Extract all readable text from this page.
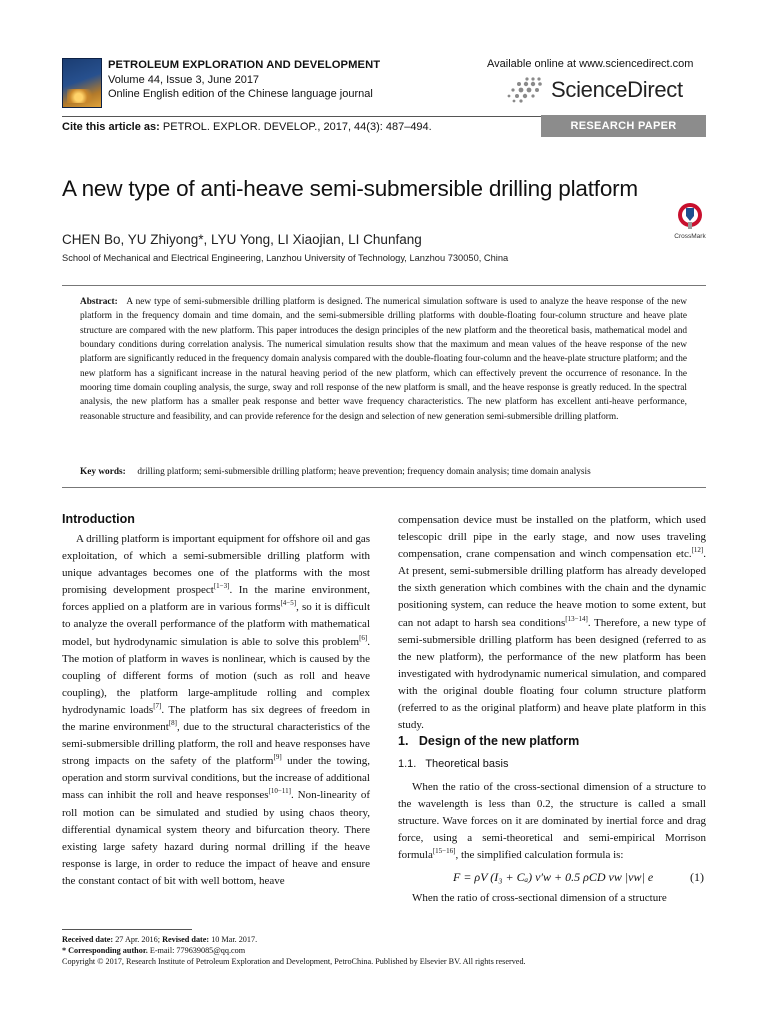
PETROLEUM EXPLORATION AND DEVELOPMENT
Volume 44, Issue 3, June 2017
Online English edition of the Chinese language journal
Available online at www.sciencedirect.com
ScienceDirect
Cite this article as: PETROL. EXPLOR. DEVELOP., 2017, 44(3): 487–494.	RESEARCH PAPER
A new type of anti-heave semi-submersible drilling platform
CrossMark
CHEN Bo, YU Zhiyong*, LYU Yong, LI Xiaojian, LI Chunfang
School of Mechanical and Electrical Engineering, Lanzhou University of Technology, Lanzhou 730050, China
Abstract: A new type of semi-submersible drilling platform is designed. The numerical simulation software is used to analyze the heave response of the new platform in the frequency domain and time domain, and the semi-submersible drilling platforms with double-floating four-column structure and heave plate structure are compared with the new platform. This paper introduces the design principles of the new platform and the theoretical basis, mathematical model and boundary conditions during correlation analysis. The numerical simulation results show that the maximum and mean values of the heave response of the new platform are significantly reduced in the frequency domain analysis compared with the double-floating four-column and the heave-plate structure platform; and the new platform has a significant increase in the natural heaving period of the new platform, which can effectively prevent the occurrence of resonance. In the mooring time domain coupling analysis, the surge, sway and roll response of the new platform is small, and the heave response is greatly reduced. In the spectral analysis, the new platform has a smaller peak response and better wave frequency characteristics. The new platform has excellent anti-heave performance, reasonable structure and feasibility, and can provide reference for the design and selection of new generation semi-submersible drilling platform.
Key words: drilling platform; semi-submersible drilling platform; heave prevention; frequency domain analysis; time domain analysis
Introduction

A drilling platform is important equipment for offshore oil and gas exploitation, of which a semi-submersible drilling platform with unique advantages becomes one of the platforms with the most promising development prospect[1−3]. In the marine environment, forces applied on a platform are in various forms[4−5], so it is difficult to analyze the overall performance of the platform with mathematical model, but hydrodynamic simulation is able to solve this problem[6]. The motion of platform in waves is nonlinear, which is caused by the coupling of different forms of motion (such as roll and heave coupling), the platform large-amplitude rolling and complex hydrodynamic loads[7]. The platform has six degrees of freedom in the marine environment[8], due to the structural characteristics of the semi-submersible drilling platform, the roll and heave responses have strong impacts on the safety of the platform[9] under the towing, operation and storm survival conditions, but the increase of additional mass can inhibit the roll and heave responses[10−11]. Non-linearity of roll motion can be simulated and studied by using chaos theory, differential dynamical system theory and bifurcation theory. There existing large safety hazard during normal drilling if the heave response is large, in order to reduce the impact of heave and ensure the constant contact of bit with well bottom, heave

compensation device must be installed on the platform, which used telescopic drill pipe in the early stage, and now uses traveling compensation, crane compensation and winch compensation etc.[12]. At present, semi-submersible drilling platform has already developed the sixth generation which combines with the chain and the dynamic positioning system, can reduce the heave motion to some extent, but can not adapt to harsh sea conditions[13−14]. Therefore, a new type of semi-submersible drilling platform has been designed (referred to as the new platform), the performance of the new platform has been investigated with hydrodynamic numerical simulation, and compared with the original double floating four column structure platform (referred to as the original platform) and heave plate platform in this study.

1.   Design of the new platform
1.1.   Theoretical basis

When the ratio of the cross-sectional dimension of a structure to the wavelength is less than 0.2, the structure is called a small structure. Wave forces on it are dominated by inertial force and drag force, using a semi-theoretical and semi-empirical Morrison formula[15−16], the simplified calculation formula is:

F = ρV (I₃ + Cₐ) v′w + 0.5 ρCD vw |vw| e	(1)

When the ratio of cross-sectional dimension of a structure

Received date: 27 Apr. 2016; Revised date: 10 Mar. 2017.
* Corresponding author. E-mail: 779639085@qq.com
Copyright © 2017, Research Institute of Petroleum Exploration and Development, PetroChina. Published by Elsevier BV. All rights reserved.
